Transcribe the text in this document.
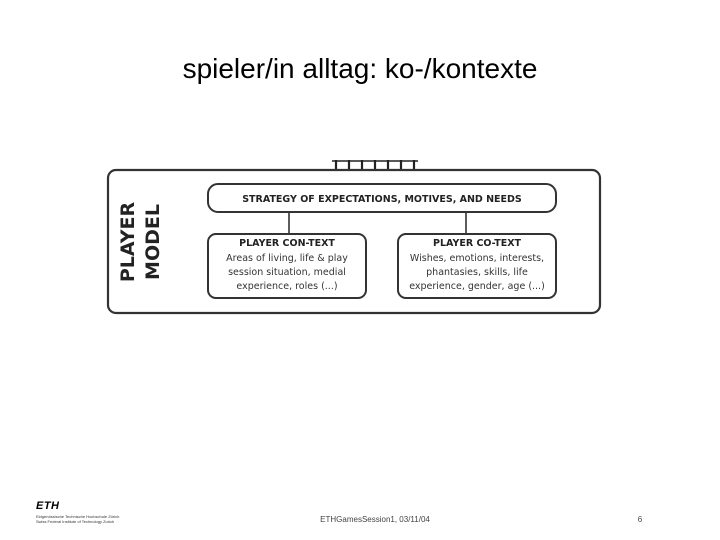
spieler/in alltag: ko-/kontexte
PLAYER MODEL
STRATEGY OF EXPECTATIONS, MOTIVES, AND NEEDS
PLAYER CON-TEXT
Areas of living, life & play
session situation, medial
experience, roles (...)
PLAYER CO-TEXT
Wishes, emotions, interests,
phantasies, skills, life
experience, gender, age (...)
ETH
Eidgenössische Technische Hochschule Zürich
Swiss Federal Institute of Technology Zurich	ETHGamesSession1, 03/11/04	6
